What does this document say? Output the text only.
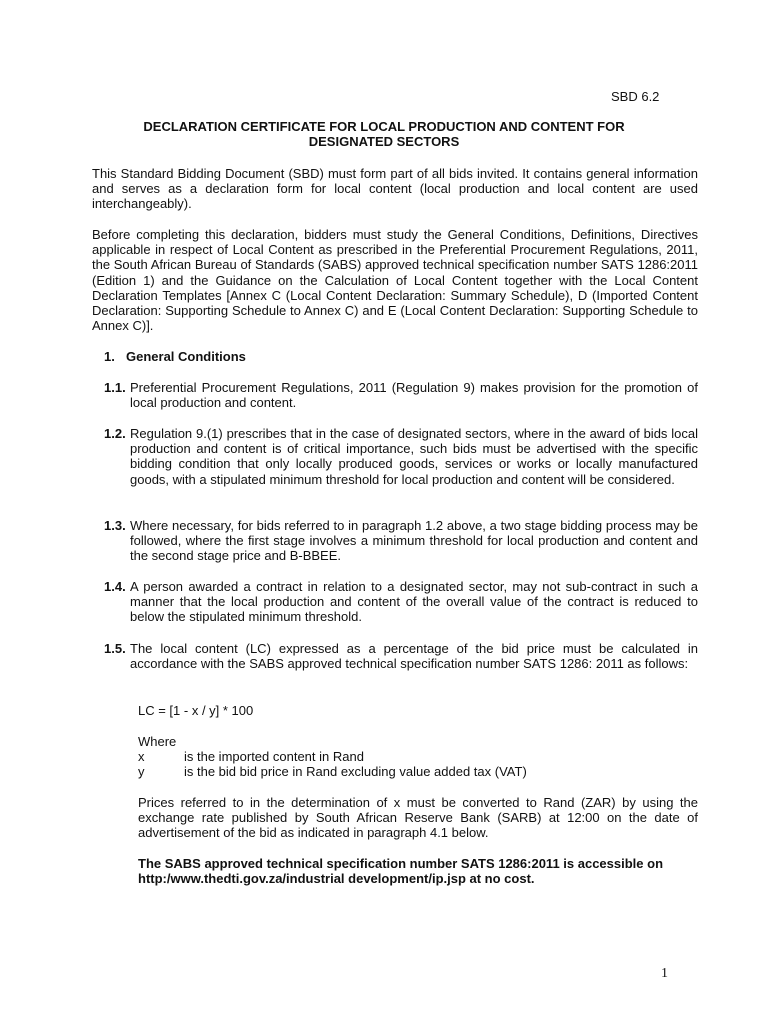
SBD 6.2
DECLARATION CERTIFICATE FOR LOCAL PRODUCTION AND CONTENT FOR
DESIGNATED SECTORS
This Standard Bidding Document (SBD) must form part of all bids invited. It contains general information and serves as a declaration form for local content (local production and local content are used interchangeably).
Before completing this declaration, bidders must study the General Conditions, Definitions, Directives applicable in respect of Local Content as prescribed in the Preferential Procurement Regulations, 2011, the South African Bureau of Standards (SABS) approved technical specification number SATS 1286:2011 (Edition 1) and the Guidance on the Calculation of Local Content together with the Local Content Declaration Templates [Annex C (Local Content Declaration: Summary Schedule), D (Imported Content Declaration: Supporting Schedule to Annex C) and E (Local Content Declaration: Supporting Schedule to Annex C)].
1. General Conditions
1.1. Preferential Procurement Regulations, 2011 (Regulation 9) makes provision for the promotion of local production and content.
1.2. Regulation 9.(1) prescribes that in the case of designated sectors, where in the award of bids local production and content is of critical importance, such bids must be advertised with the specific bidding condition that only locally produced goods, services or works or locally manufactured goods, with a stipulated minimum threshold for local production and content will be considered.
1.3. Where necessary, for bids referred to in paragraph 1.2 above, a two stage bidding process may be followed, where the first stage involves a minimum threshold for local production and content and the second stage price and B-BBEE.
1.4. A person awarded a contract in relation to a designated sector, may not sub-contract in such a manner that the local production and content of the overall value of the contract is reduced to below the stipulated minimum threshold.
1.5. The local content (LC) expressed as a percentage of the bid price must be calculated in accordance with the SABS approved technical specification number SATS 1286: 2011 as follows:
LC = [1 - x / y] * 100
Where
x	is the imported content in Rand
y	is the bid bid price in Rand excluding value added tax (VAT)
Prices referred to in the determination of x must be converted to Rand (ZAR) by using the exchange rate published by South African Reserve Bank (SARB) at 12:00 on the date of advertisement of the bid as indicated in paragraph 4.1 below.
The SABS approved technical specification number SATS 1286:2011 is accessible on http:/www.thedti.gov.za/industrial development/ip.jsp at no cost.
1
